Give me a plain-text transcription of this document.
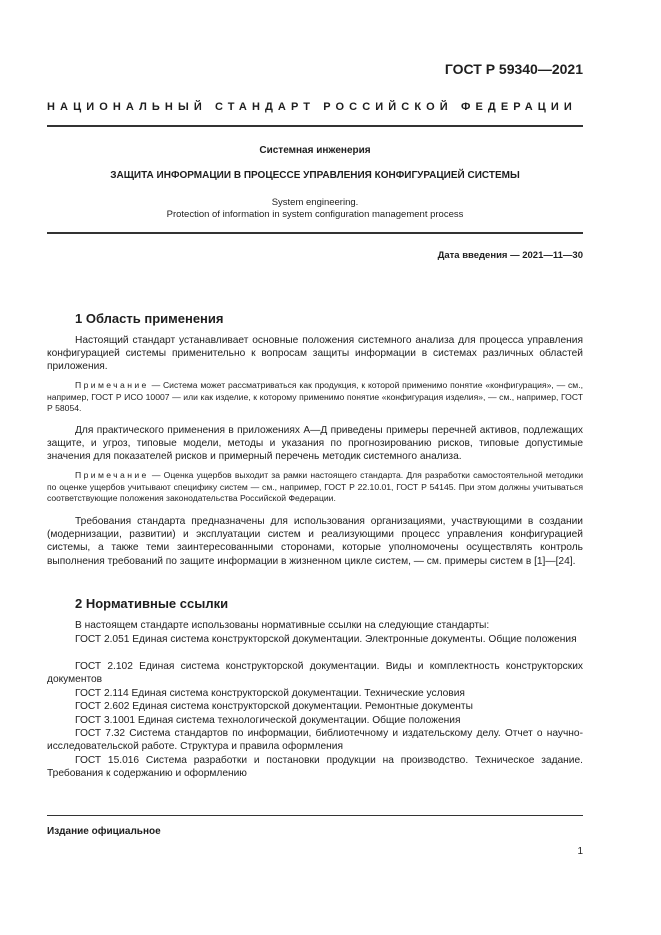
ГОСТ Р 59340—2021
НАЦИОНАЛЬНЫЙ СТАНДАРТ РОССИЙСКОЙ ФЕДЕРАЦИИ
Системная инженерия
ЗАЩИТА ИНФОРМАЦИИ В ПРОЦЕССЕ УПРАВЛЕНИЯ КОНФИГУРАЦИЕЙ СИСТЕМЫ
System engineering.
Protection of information in system configuration management process
Дата введения — 2021—11—30
1 Область применения

Настоящий стандарт устанавливает основные положения системного анализа для процесса управления конфигурацией системы применительно к вопросам защиты информации в системах различных областей приложения.

Примечание — Система может рассматриваться как продукция, к которой применимо понятие «конфигурация», — см., например, ГОСТ Р ИСО 10007 — или как изделие, к которому применимо понятие «конфигурация изделия», — см., например, ГОСТ Р 58054.

Для практического применения в приложениях А—Д приведены примеры перечней активов, подлежащих защите, и угроз, типовые модели, методы и указания по прогнозированию рисков, типовые допустимые значения для показателей рисков и примерный перечень методик системного анализа.

Примечание — Оценка ущербов выходит за рамки настоящего стандарта. Для разработки самостоятельной методики по оценке ущербов учитывают специфику систем — см., например, ГОСТ Р 22.10.01, ГОСТ Р 54145. При этом должны учитываться соответствующие положения законодательства Российской Федерации.

Требования стандарта предназначены для использования организациями, участвующими в создании (модернизации, развитии) и эксплуатации систем и реализующими процесс управления конфигурацией системы, а также теми заинтересованными сторонами, которые уполномочены осуществлять контроль выполнения требований по защите информации в жизненном цикле систем, — см. примеры систем в [1]—[24].

2 Нормативные ссылки

В настоящем стандарте использованы нормативные ссылки на следующие стандарты:

ГОСТ 2.051 Единая система конструкторской документации. Электронные документы. Общие положения

ГОСТ 2.102 Единая система конструкторской документации. Виды и комплектность конструкторских документов

ГОСТ 2.114 Единая система конструкторской документации. Технические условия

ГОСТ 2.602 Единая система конструкторской документации. Ремонтные документы

ГОСТ 3.1001 Единая система технологической документации. Общие положения

ГОСТ 7.32 Система стандартов по информации, библиотечному и издательскому делу. Отчет о научно-исследовательской работе. Структура и правила оформления

ГОСТ 15.016 Система разработки и постановки продукции на производство. Техническое задание. Требования к содержанию и оформлению

Издание официальное
1
